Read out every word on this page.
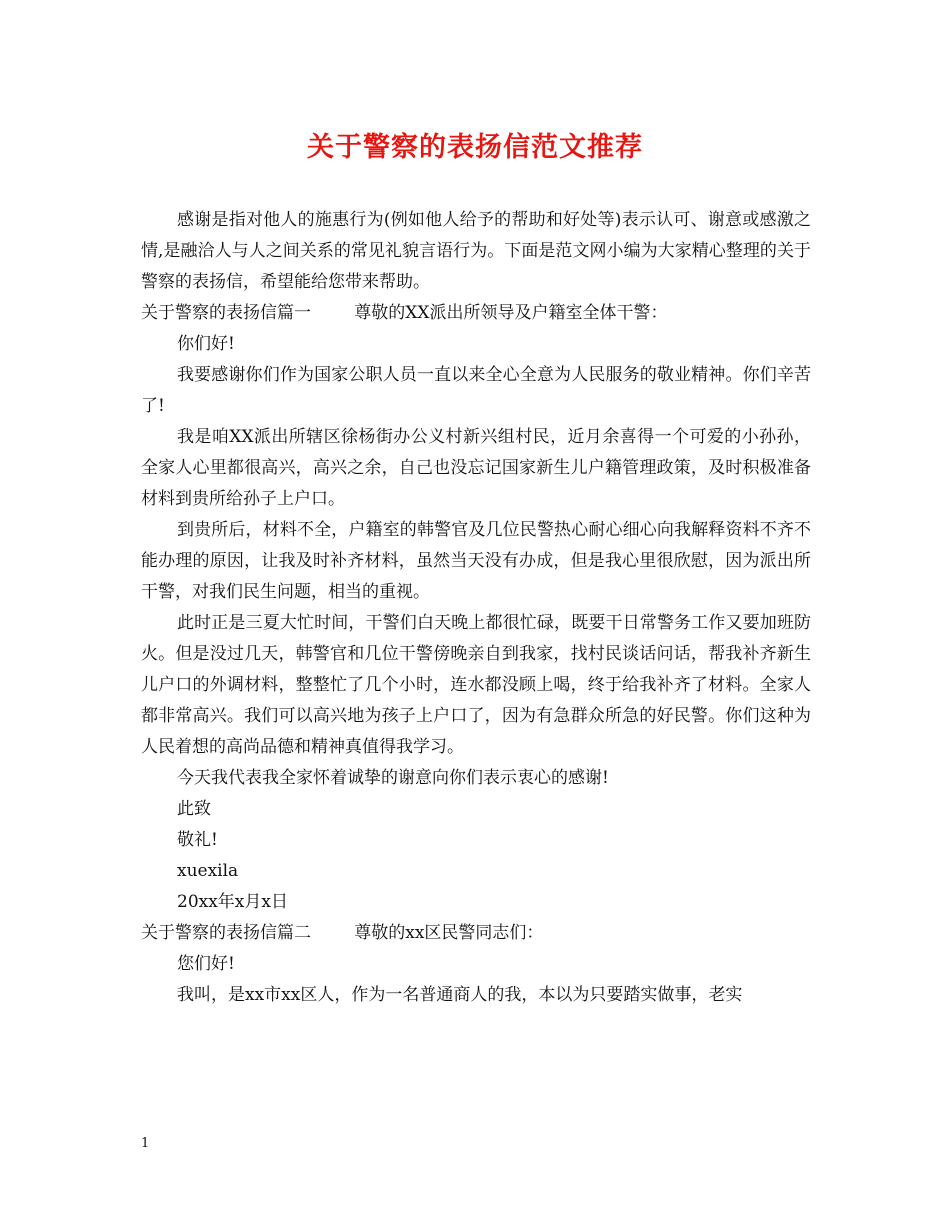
关于警察的表扬信范文推荐

感谢是指对他人的施惠行为(例如他人给予的帮助和好处等)表示认可、谢意或感激之情,是融洽人与人之间关系的常见礼貌言语行为。下面是范文网小编为大家精心整理的关于警察的表扬信，希望能给您带来帮助。

关于警察的表扬信篇一	尊敬的XX派出所领导及户籍室全体干警：

你们好!

我要感谢你们作为国家公职人员一直以来全心全意为人民服务的敬业精神。你们辛苦了!

我是咱XX派出所辖区徐杨街办公义村新兴组村民，近月余喜得一个可爱的小孙孙，全家人心里都很高兴，高兴之余，自己也没忘记国家新生儿户籍管理政策，及时积极准备材料到贵所给孙子上户口。

到贵所后，材料不全，户籍室的韩警官及几位民警热心耐心细心向我解释资料不齐不能办理的原因，让我及时补齐材料，虽然当天没有办成，但是我心里很欣慰，因为派出所干警，对我们民生问题，相当的重视。

此时正是三夏大忙时间，干警们白天晚上都很忙碌，既要干日常警务工作又要加班防火。但是没过几天，韩警官和几位干警傍晚亲自到我家，找村民谈话问话，帮我补齐新生儿户口的外调材料，整整忙了几个小时，连水都没顾上喝，终于给我补齐了材料。全家人都非常高兴。我们可以高兴地为孩子上户口了，因为有急群众所急的好民警。你们这种为人民着想的高尚品德和精神真值得我学习。

今天我代表我全家怀着诚挚的谢意向你们表示衷心的感谢!

此致

敬礼!

xuexila

20xx年x月x日

关于警察的表扬信篇二	尊敬的xx区民警同志们：

您们好!

我叫，是xx市xx区人，作为一名普通商人的我，本以为只要踏实做事，老实

1
